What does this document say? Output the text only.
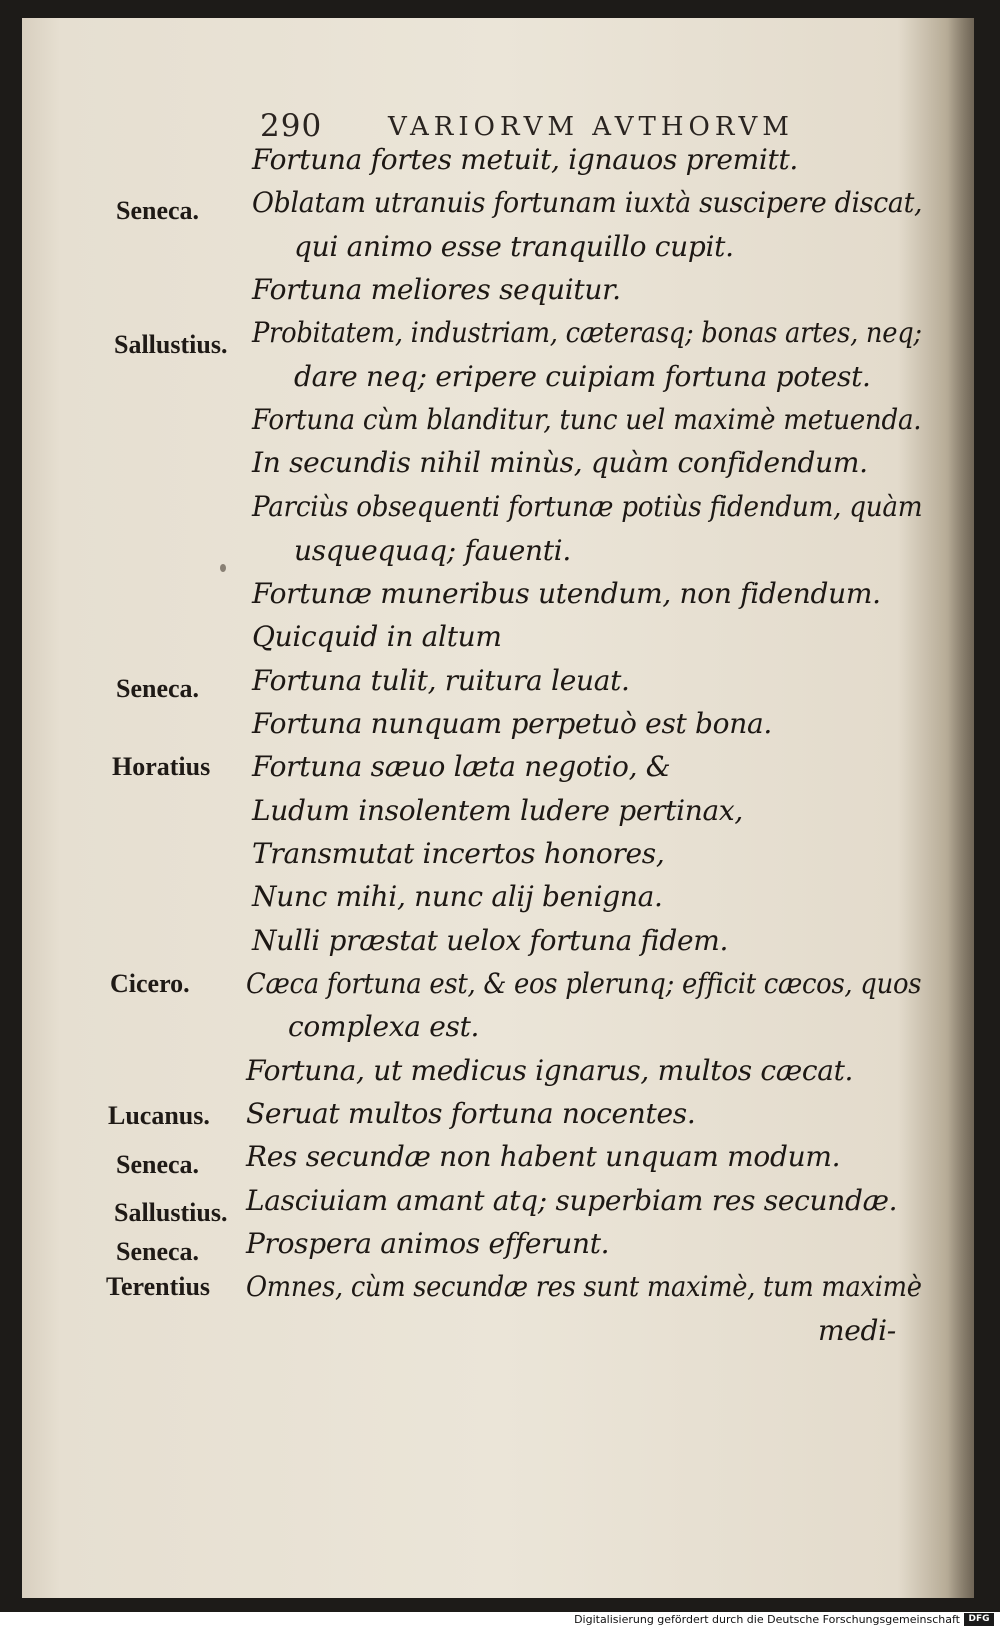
290	VARIORVM AVTHORVM
Fortuna fortes metuit, ignauos premitt.
Seneca. Oblatam utranuis fortunam iuxtà suscipere discat,
qui animo esse tranquillo cupit.
Fortuna meliores sequitur.
Sallustius. Probitatem, industriam, cæterasq; bonas artes, neq;
dare neq; eripere cuipiam fortuna potest.
Fortuna cùm blanditur, tunc uel maximè metuenda.
In secundis nihil minùs, quàm confidendum.
Parciùs obsequenti fortunæ potiùs fidendum, quàm
usquequaq; fauenti.
Fortunæ muneribus utendum, non fidendum.
Quicquid in altum
Seneca. Fortuna tulit, ruitura leuat.
Fortuna nunquam perpetuò est bona.
Horatius Fortuna sæuo læta negotio, &
Ludum insolentem ludere pertinax,
Transmutat incertos honores,
Nunc mihi, nunc alij benigna.
Nulli præstat uelox fortuna fidem.
Cicero. Cæca fortuna est, & eos plerunq; efficit cæcos, quos
complexa est.
Fortuna, ut medicus ignarus, multos cæcat.
Lucanus. Seruat multos fortuna nocentes.
Seneca. Res secundæ non habent unquam modum.
Sallustius. Lasciuiam amant atq; superbiam res secundæ.
Seneca. Prospera animos efferunt.
Terentius Omnes, cùm secundæ res sunt maximè, tum maximè
medi-
Digitalisierung gefördert durch die Deutsche Forschungsgemeinschaft DFG
